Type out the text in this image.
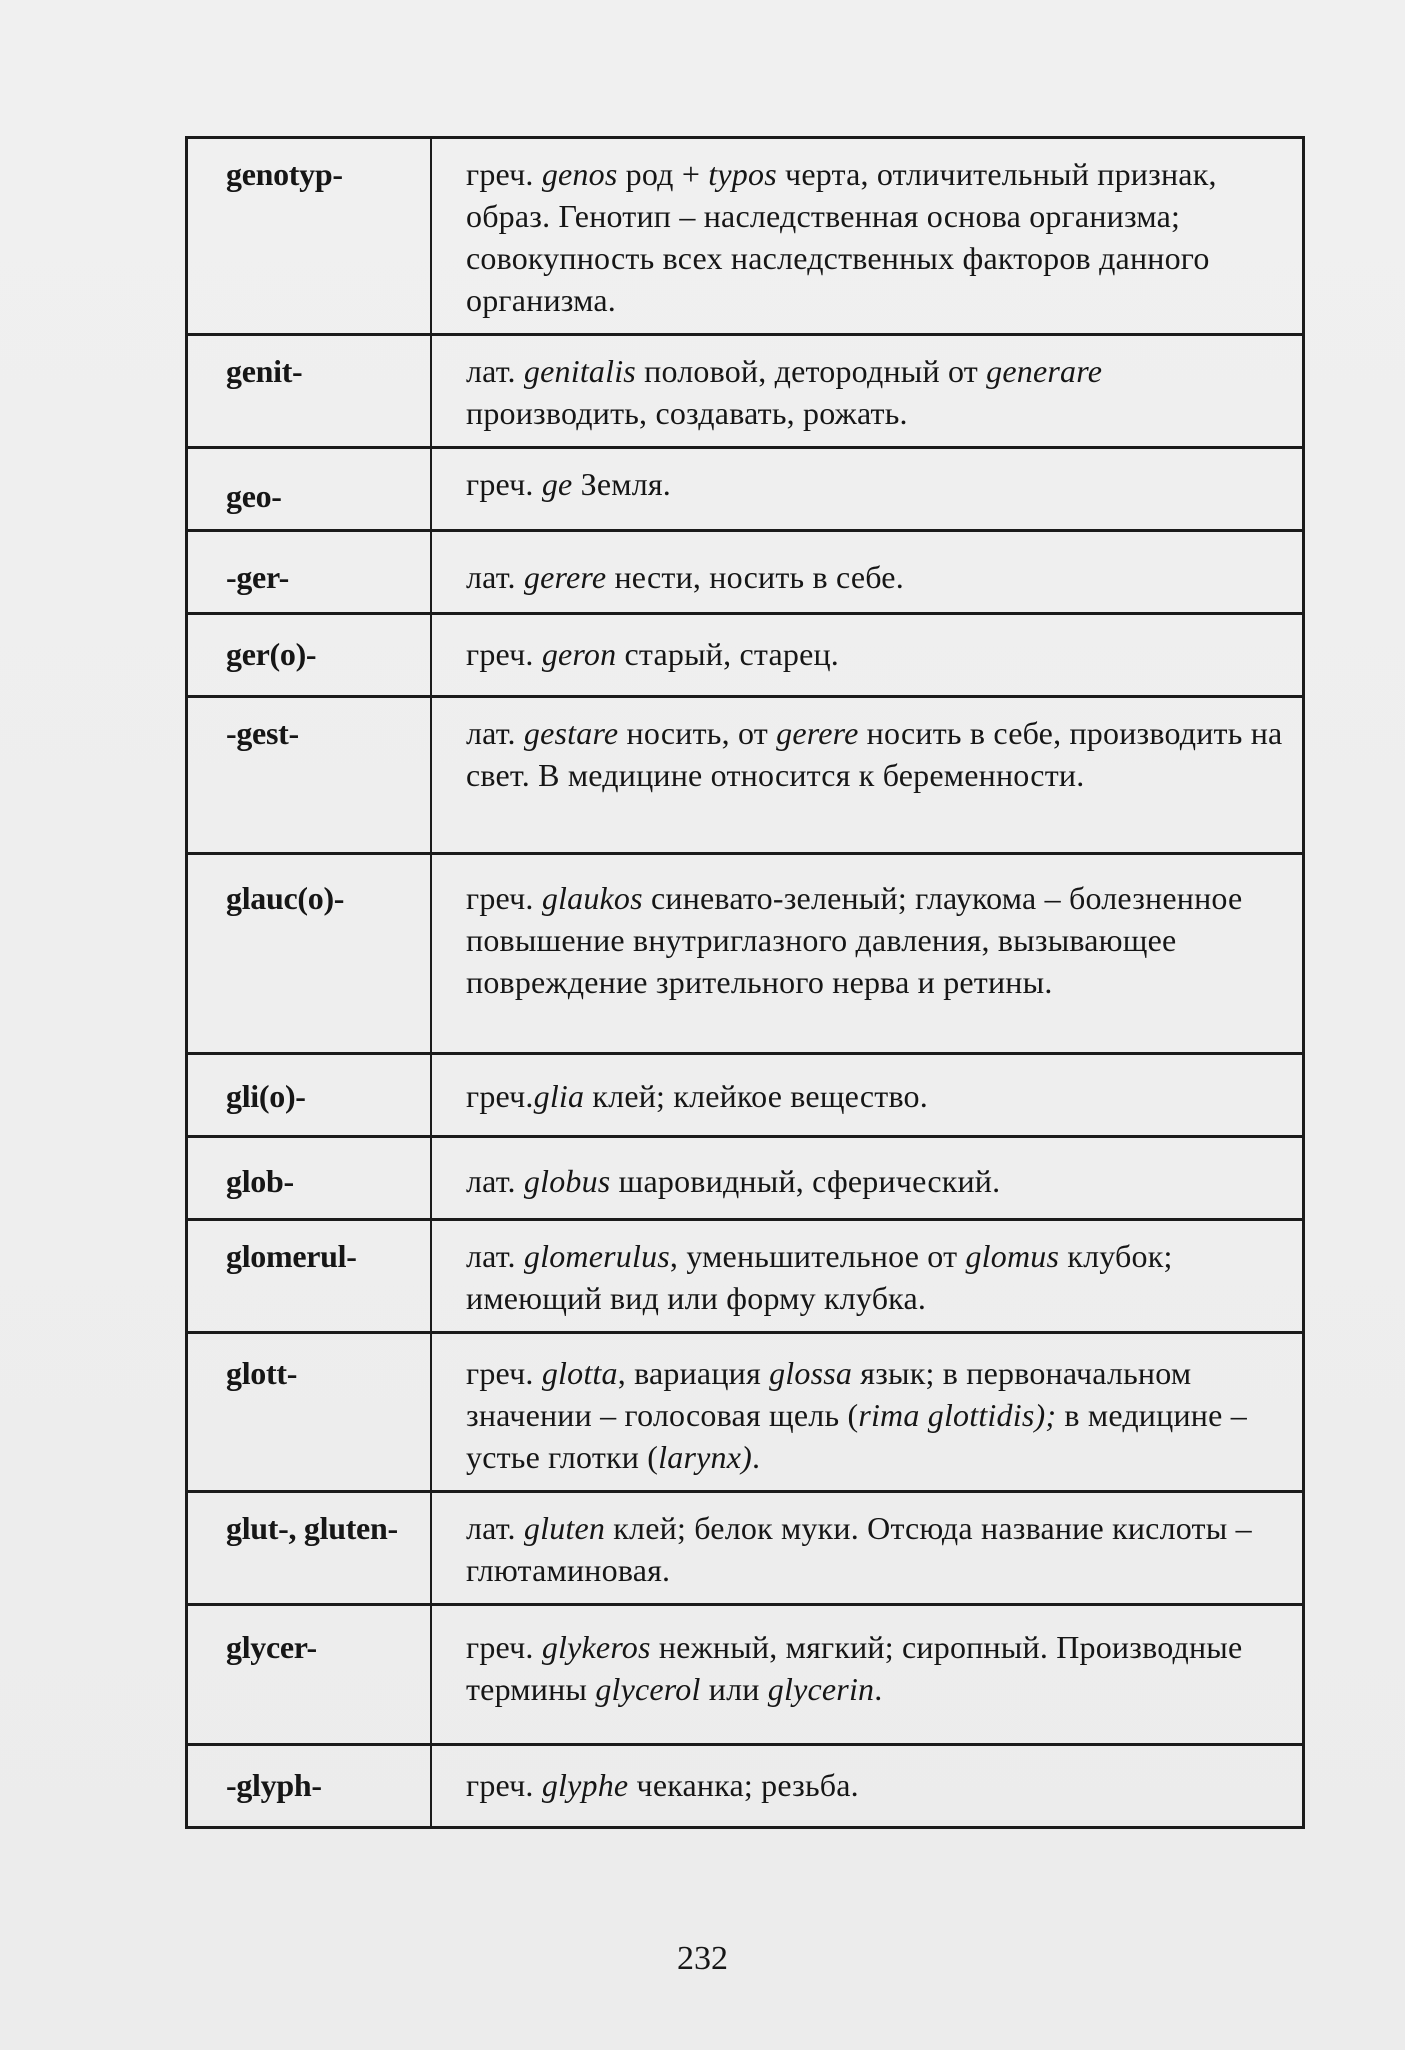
genotyp-	греч. genos род + typos черта, отличительный признак, образ. Генотип – наследственная основа организма; совокупность всех наследственных факторов данного организма.
genit-	лат. genitalis половой, детородный от generare производить, создавать, рожать.
geo-	греч. ge Земля.
-ger-	лат. gerere нести, носить в себе.
ger(o)-	греч. geron старый, старец.
-gest-	лат. gestare носить, от gerere носить в себе, производить на свет. В медицине относится к беременности.
glauc(o)-	греч. glaukos синевато-зеленый; глаукома – болезненное повышение внутриглазного давления, вызывающее повреждение зрительного нерва и ретины.
gli(o)-	греч.glia клей; клейкое вещество.
glob-	лат. globus шаровидный, сферический.
glomerul-	лат. glomerulus, уменьшительное от glomus клубок; имеющий вид или форму клубка.
glott-	греч. glotta, вариация glossa язык; в первоначальном значении – голосовая щель (rima glottidis); в медицине – устье глотки (larynx).
glut-, gluten-	лат. gluten клей; белок муки. Отсюда название кислоты – глютаминовая.
glycer-	греч. glykeros нежный, мягкий; сиропный. Производные термины glycerol или glycerin.
-glyph-	греч. glyphe чеканка; резьба.
232
